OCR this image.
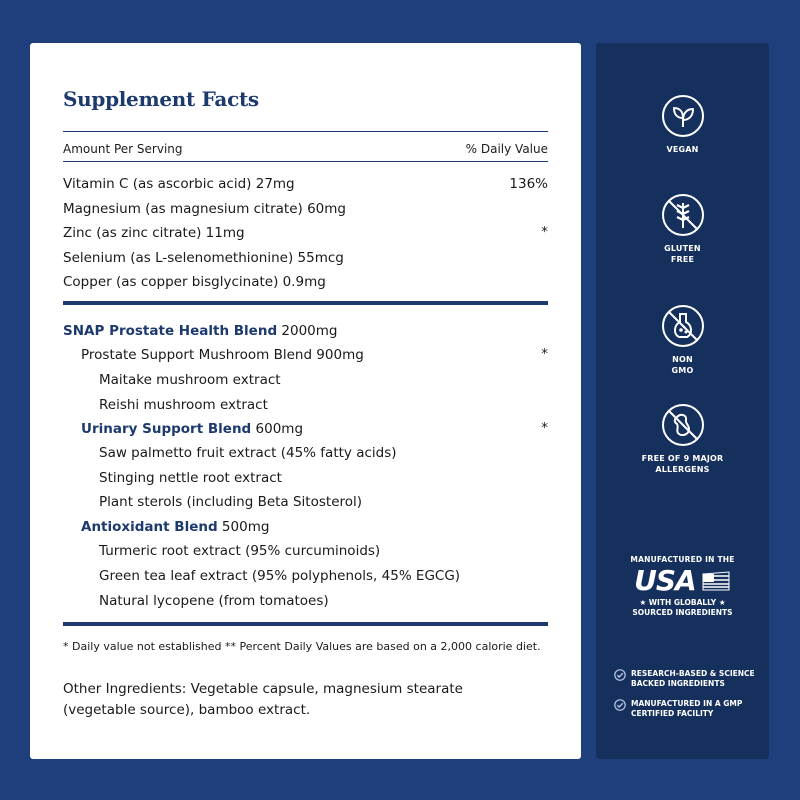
Supplement Facts
Amount Per Serving	% Daily Value
Vitamin C (as ascorbic acid) 27mg	136%
Magnesium (as magnesium citrate) 60mg
Zinc (as zinc citrate) 11mg	*
Selenium (as L-selenomethionine) 55mcg
Copper (as copper bisglycinate) 0.9mg
SNAP Prostate Health Blend 2000mg
Prostate Support Mushroom Blend 900mg	*
Maitake mushroom extract
Reishi mushroom extract
Urinary Support Blend 600mg	*
Saw palmetto fruit extract (45% fatty acids)
Stinging nettle root extract
Plant sterols (including Beta Sitosterol)
Antioxidant Blend 500mg
Turmeric root extract (95% curcuminoids)
Green tea leaf extract (95% polyphenols, 45% EGCG)
Natural lycopene (from tomatoes)
* Daily value not established ** Percent Daily Values are based on a 2,000 calorie diet.
Other Ingredients: Vegetable capsule, magnesium stearate (vegetable source), bamboo extract.
VEGAN
GLUTEN
FREE
NON
GMO
FREE OF 9 MAJOR
ALLERGENS
MANUFACTURED IN THE
USA
★ WITH GLOBALLY ★
SOURCED INGREDIENTS
RESEARCH-BASED & SCIENCE
BACKED INGREDIENTS
MANUFACTURED IN A GMP
CERTIFIED FACILITY
